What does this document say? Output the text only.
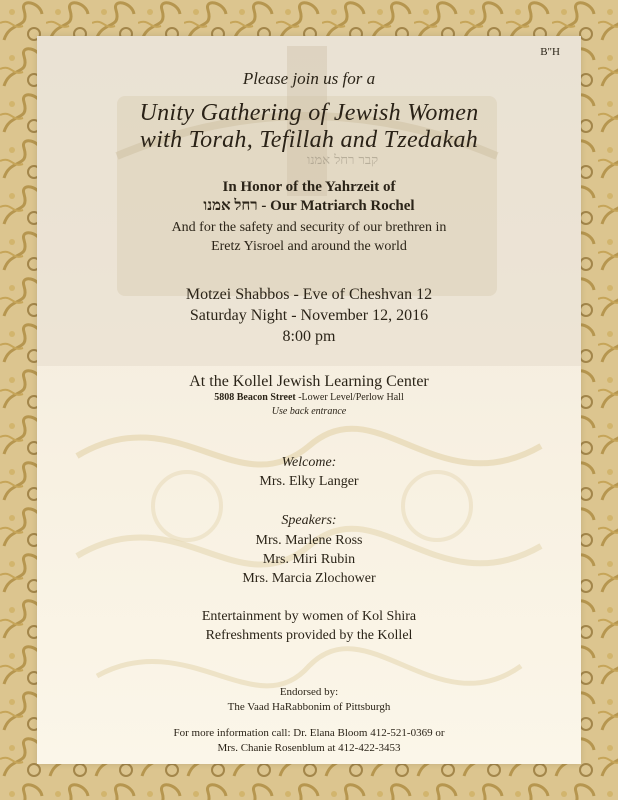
B"H
Please join us for a
Unity Gathering of Jewish Women
with Torah, Tefillah and Tzedakah
In Honor of the Yahrzeit of
רחל אמנו - Our Matriarch Rochel
And for the safety and security of our brethren in
Eretz Yisroel and around the world
Motzei Shabbos - Eve of Cheshvan 12
Saturday Night - November 12, 2016
8:00 pm
At the Kollel Jewish Learning Center
5808 Beacon Street -Lower Level/Perlow Hall
Use back entrance
Welcome:
Mrs. Elky Langer
Speakers:
Mrs. Marlene Ross
Mrs. Miri Rubin
Mrs. Marcia Zlochower
Entertainment by women of Kol Shira
Refreshments provided by the Kollel
Endorsed by:
The Vaad HaRabbonim of Pittsburgh
For more information call: Dr. Elana Bloom 412-521-0369 or
Mrs. Chanie Rosenblum at 412-422-3453
קבר רחל אמנו
